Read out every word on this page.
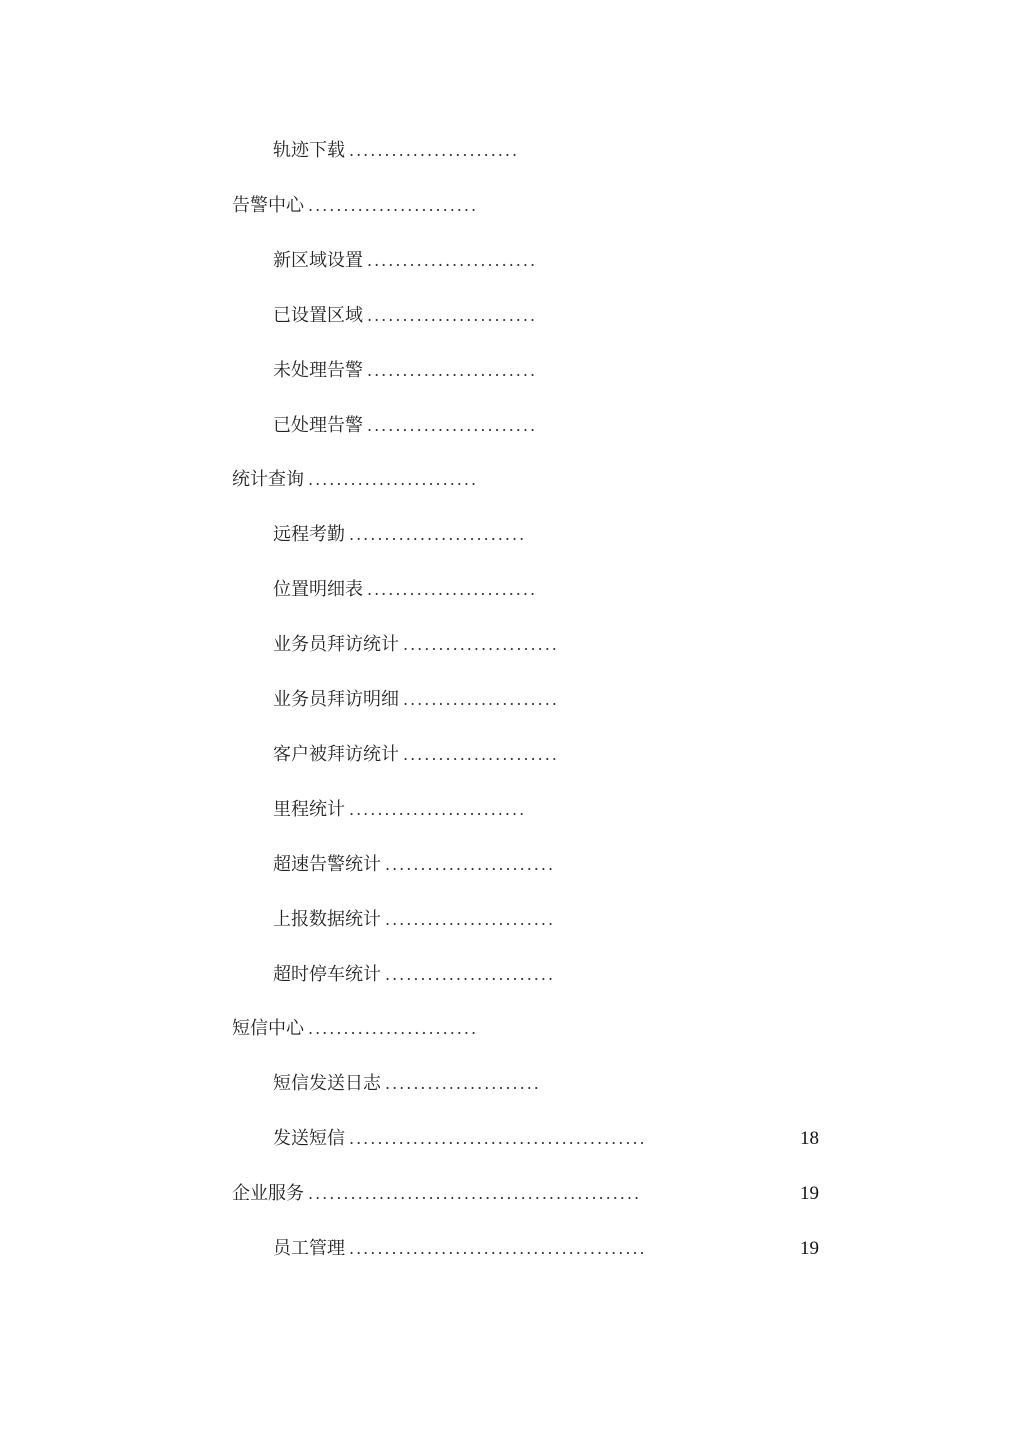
轨迹下载 ........................
告警中心 ........................
新区域设置 ........................
已设置区域 ........................
未处理告警 ........................
已处理告警 ........................
统计查询 ........................
远程考勤 .........................
位置明细表 ........................
业务员拜访统计 ......................
业务员拜访明细 ......................
客户被拜访统计 ......................
里程统计 .........................
超速告警统计 ........................
上报数据统计 ........................
超时停车统计 ........................
短信中心 ........................
短信发送日志 ......................
发送短信 ..........................................	18
企业服务 ...............................................	19
员工管理 ..........................................	19
